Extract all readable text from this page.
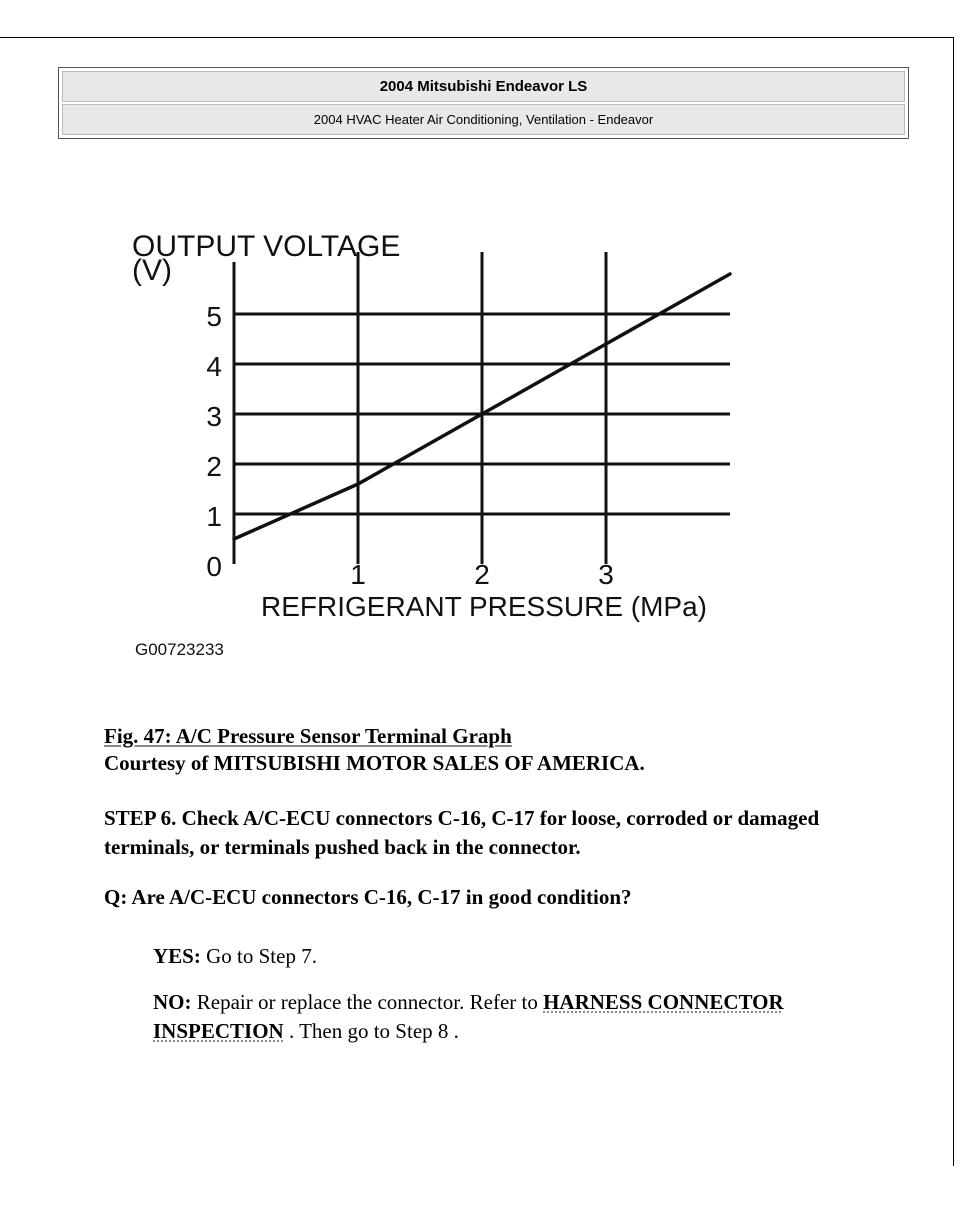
2004 Mitsubishi Endeavor LS
2004 HVAC Heater Air Conditioning, Ventilation - Endeavor
OUTPUT VOLTAGE
(V)
0
1
2
3
4
5
1	2	3
REFRIGERANT PRESSURE (MPa)
G00723233
Fig. 47: A/C Pressure Sensor Terminal Graph
Courtesy of MITSUBISHI MOTOR SALES OF AMERICA.
STEP 6. Check A/C-ECU connectors C-16, C-17 for loose, corroded or damaged terminals, or terminals pushed back in the connector.
Q: Are A/C-ECU connectors C-16, C-17 in good condition?
YES: Go to Step 7.
NO: Repair or replace the connector. Refer to HARNESS CONNECTOR INSPECTION . Then go to Step 8 .
